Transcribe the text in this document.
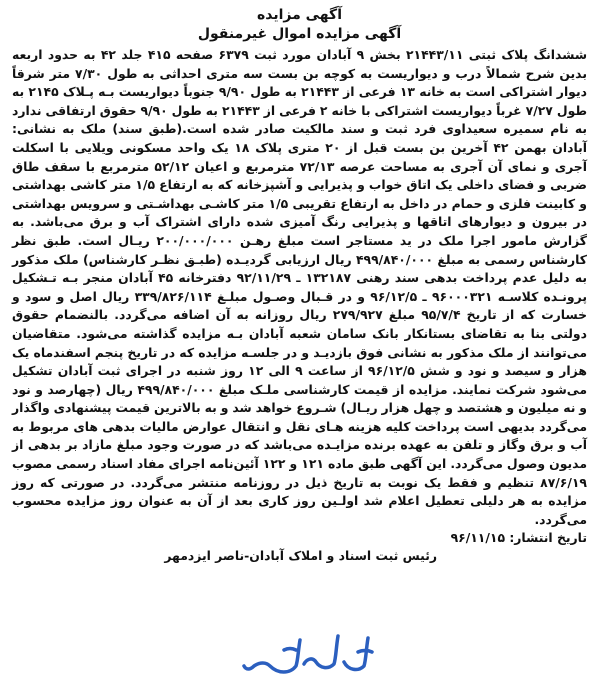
آگهی مزایده
آگهی مزایده اموال غیرمنقول

ششدانگ پلاک ثبتی ۲۱۴۴۳/۱۱ بخش ۹ آبادان مورد ثبت ۶۳۷۹ صفحه ۴۱۵ جلد ۴۲ به حدود اربعه بدین شرح شمالاً درب و دیواریست به کوچه بن بست سه متری احداثی به طول ۷/۳۰ متر شرقاً دیوار اشتراکی است به خانه ۱۳ فرعی از ۲۱۴۴۳ به طول ۹/۹۰ جنوباً دیواریست بـه پـلاک ۲۱۴۵ به طول ۷/۲۷ غرباً دیواریست اشتراکی با خانه ۲ فرعی از ۲۱۴۴۳ به طول ۹/۹۰ حقوق ارتفاقی ندارد به نام سمیره سعیداوی فرد ثبت و سند مالکیت صادر شده است.(طبق سند) ملک به نشانی: آبادان بهمن ۴۲ آخرین بن بست قبل از ۲۰ متری پلاک ۱۸ یک واحد مسکونی ویلایی با اسکلت آجری و نمای آن آجری به مساحت عرصه ۷۲/۱۳ مترمربع و اعیان ۵۲/۱۲ مترمربع با سقف طاق ضربی و فضای داخلی یک اتاق خواب و پذیرایی و آشپزخانه که به ارتفاع ۱/۵ متر کاشی بهداشتی و کابینت فلزی و حمام در داخل به ارتفاع تقریبی ۱/۵ متر کاشـی بهداشـتی و سرویس بهداشتی در بیرون و دیوارهای اتاقها و پذیرایی رنگ آمیزی شده دارای اشتراک آب و برق می‌باشد. به گزارش مامور اجرا ملک در ید مستاجر است مبلغ رهـن ۲۰۰/۰۰۰/۰۰۰ ریـال است. طبق نظر کارشناس رسمی به مبلغ ۴۹۹/۸۴۰/۰۰۰ ریال ارزیابی گردیـده (طبـق نظـر کارشناس) ملک مذکور به دلیل عدم پرداخت بدهی سند رهنی ۱۳۲۱۸۷ ـ ۹۲/۱۱/۲۹ دفترخانه ۴۵ آبادان منجر بـه تـشکیل پرونـده کلاسـه ۹۶۰۰۰۳۲۱ ـ ۹۶/۱۲/۵ و در قـبال وصـول مبلـغ ۳۳۹/۸۲۶/۱۱۴ ریال اصل و سود و خسارت که از تاریخ ۹۵/۷/۴ مبلغ ۲۷۹/۹۲۷ ریال روزانه به آن اضافه می‌گردد. بالنضمام حقوق دولتی بنا به تقاضای بستانکار بانک سامان شعبه آبادان بـه مزایده گذاشته می‌شود. متقاضیان می‌توانند از ملک مذکور به نشانی فوق بازدیـد و در جلسـه مزایده که در تاریخ پنجم اسفندماه یک هزار و سیصد و نود و شش ۹۶/۱۲/۵ از ساعت ۹ الی ۱۲ روز شنبه در اجرای ثبت آبادان تشکیل می‌شود شرکت نمایند. مزایده از قیمت کارشناسی ملـک مبلغ ۴۹۹/۸۴۰/۰۰۰ ریال (چهارصد و نود و نه میلیون و هشتصد و چهل هزار ریـال) شـروع خواهد شد و به بالاترین قیمت پیشنهادی واگذار می‌گردد بدیهی است پرداخت کلیه هزینه هـای نقل و انتقال عوارض مالیات بدهی های مربوط به آب و برق وگاز و تلفن به عهده برنده مزایـده می‌باشد که در صورت وجود مبلغ مازاد بر بدهی از مدیون وصول می‌گردد. این آگهی طبق ماده ۱۲۱ و ۱۲۲ آئین‌نامه اجرای مفاد اسناد رسمی مصوب ۸۷/۶/۱۹ تنظیم و فقط یک نوبت به تاریخ ذیل در روزنامه منتشر می‌گردد. در صورتی که روز مزایده به هر دلیلی تعطیل اعلام شد اولـین روز کاری بعد از آن به عنوان روز مزایده محسوب می‌گردد.

تاریخ انتشار: ۹۶/۱۱/۱۵
رئیس ثبت اسناد و املاک آبادان-ناصر ایزدمهر
